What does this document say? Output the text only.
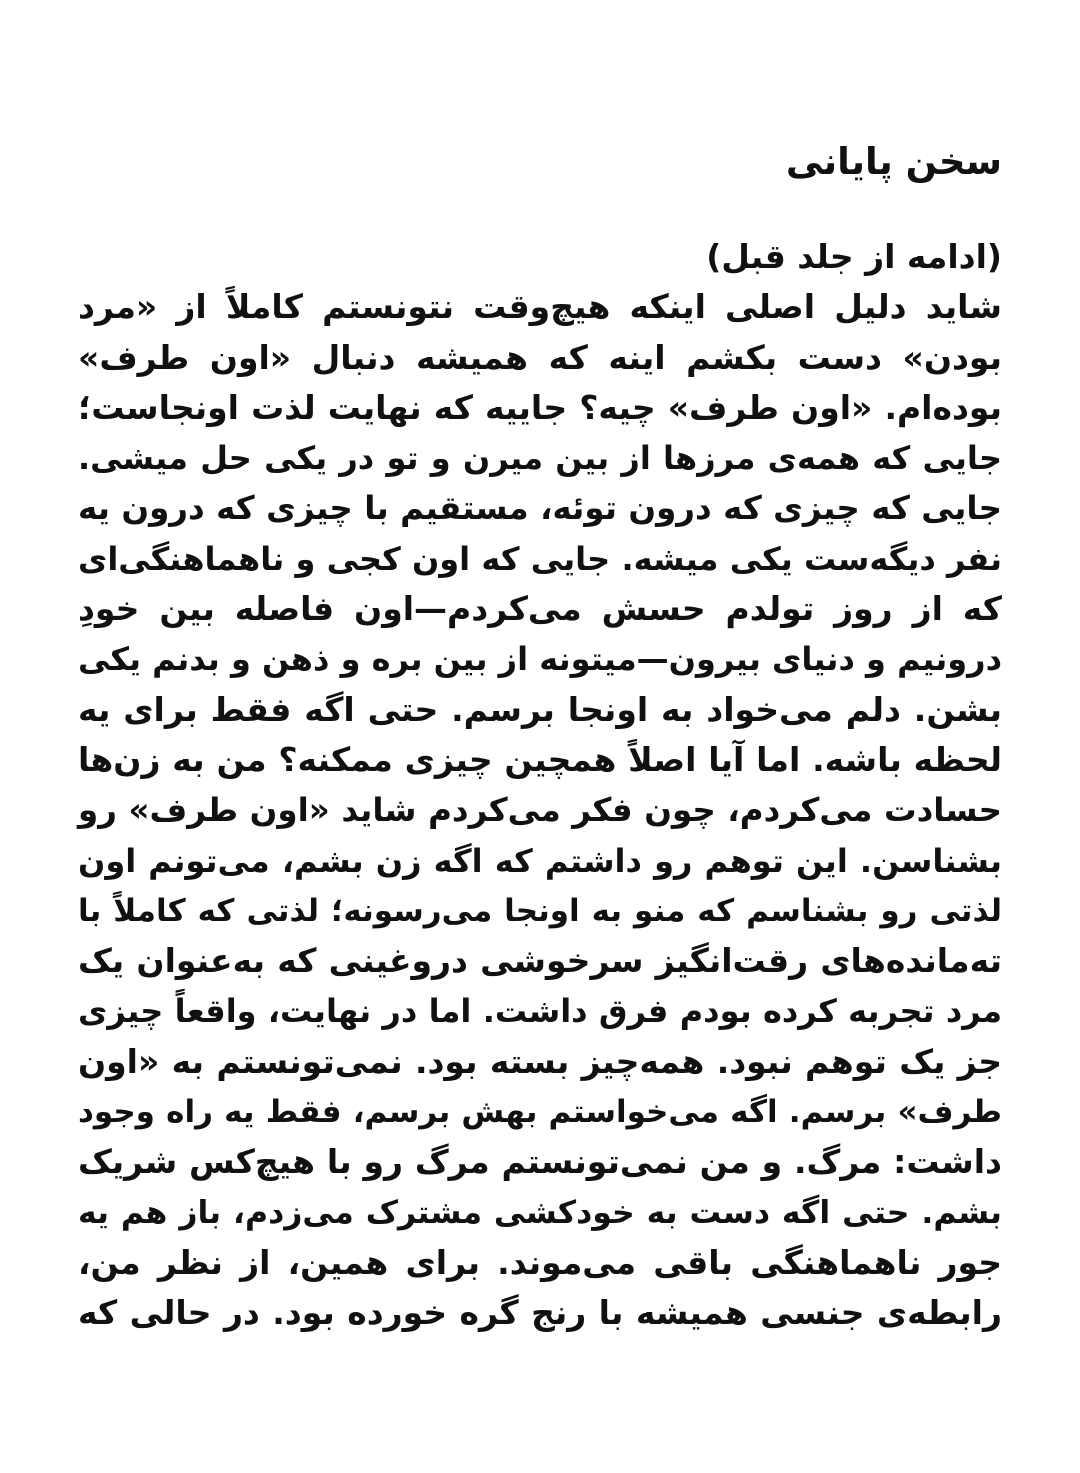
سخن پایانی
(ادامه از جلد قبل)
شاید دلیل اصلی اینکه هیچ‌وقت نتونستم کاملاً از «مرد
بودن» دست بکشم اینه که همیشه دنبال «اون طرف»
بوده‌ام. «اون طرف» چیه؟ جاییه که نهایت لذت اونجاست؛
جایی که همه‌ی مرزها از بین میرن و تو در یکی حل میشی.
جایی که چیزی که درون توئه، مستقیم با چیزی که درون یه
نفر دیگه‌ست یکی میشه. جایی که اون کجی و ناهماهنگی‌ای
که از روز تولدم حسش می‌کردم—اون فاصله بین خودِ
درونیم و دنیای بیرون—میتونه از بین بره و ذهن و بدنم یکی
بشن. دلم می‌خواد به اونجا برسم. حتی اگه فقط برای یه
لحظه باشه. اما آیا اصلاً همچین چیزی ممکنه؟ من به زن‌ها
حسادت می‌کردم، چون فکر می‌کردم شاید «اون طرف» رو
بشناسن. این توهم رو داشتم که اگه زن بشم، می‌تونم اون
لذتی رو بشناسم که منو به اونجا می‌رسونه؛ لذتی که کاملاً با
ته‌مانده‌های رقت‌انگیز سرخوشی دروغینی که به‌عنوان یک
مرد تجربه کرده بودم فرق داشت. اما در نهایت، واقعاً چیزی
جز یک توهم نبود. همه‌چیز بسته بود. نمی‌تونستم به «اون
طرف» برسم. اگه می‌خواستم بهش برسم، فقط یه راه وجود
داشت: مرگ. و من نمی‌تونستم مرگ رو با هیچ‌کس شریک
بشم. حتی اگه دست به خودکشی مشترک می‌زدم، باز هم یه
جور ناهماهنگی باقی می‌موند. برای همین، از نظر من،
رابطه‌ی جنسی همیشه با رنج گره خورده بود. در حالی که
